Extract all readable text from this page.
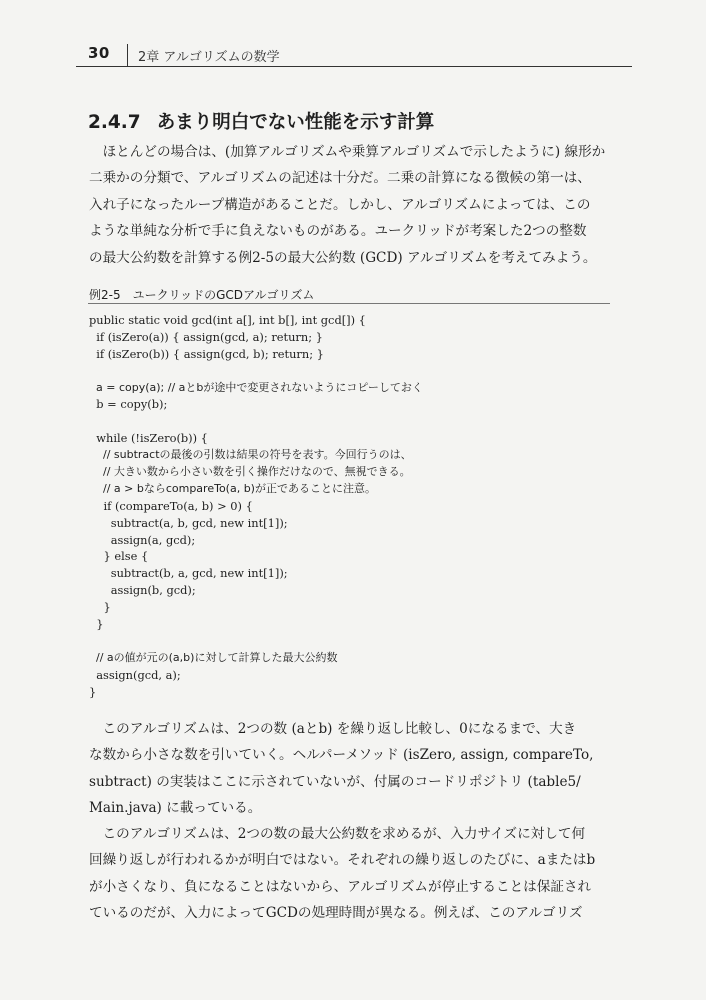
30 2章 アルゴリズムの数学
2.4.7 あまり明白でない性能を示す計算
　ほとんどの場合は、(加算アルゴリズムや乗算アルゴリズムで示したように) 線形か
二乗かの分類で、アルゴリズムの記述は十分だ。二乗の計算になる徴候の第一は、
入れ子になったループ構造があることだ。しかし、アルゴリズムによっては、この
ような単純な分析で手に負えないものがある。ユークリッドが考案した2つの整数
の最大公約数を計算する例2-5の最大公約数 (GCD) アルゴリズムを考えてみよう。
例2-5　ユークリッドのGCDアルゴリズム
public static void gcd(int a[], int b[], int gcd[]) {
if (isZero(a)) { assign(gcd, a); return; }
if (isZero(b)) { assign(gcd, b); return; }
a = copy(a); // aとbが途中で変更されないようにコピーしておく
b = copy(b);
while (!isZero(b)) {
// subtractの最後の引数は結果の符号を表す。今回行うのは、
// 大きい数から小さい数を引く操作だけなので、無視できる。
// a > bならcompareTo(a, b)が正であることに注意。
if (compareTo(a, b) > 0) {
subtract(a, b, gcd, new int[1]);
assign(a, gcd);
} else {
subtract(b, a, gcd, new int[1]);
assign(b, gcd);
}
}
// aの値が元の(a,b)に対して計算した最大公約数
assign(gcd, a);
}
　このアルゴリズムは、2つの数 (aとb) を繰り返し比較し、0になるまで、大き
な数から小さな数を引いていく。ヘルパーメソッド (isZero, assign, compareTo,
subtract) の実装はここに示されていないが、付属のコードリポジトリ (table5/
Main.java) に載っている。
　このアルゴリズムは、2つの数の最大公約数を求めるが、入力サイズに対して何
回繰り返しが行われるかが明白ではない。それぞれの繰り返しのたびに、aまたはb
が小さくなり、負になることはないから、アルゴリズムが停止することは保証され
ているのだが、入力によってGCDの処理時間が異なる。例えば、このアルゴリズ
